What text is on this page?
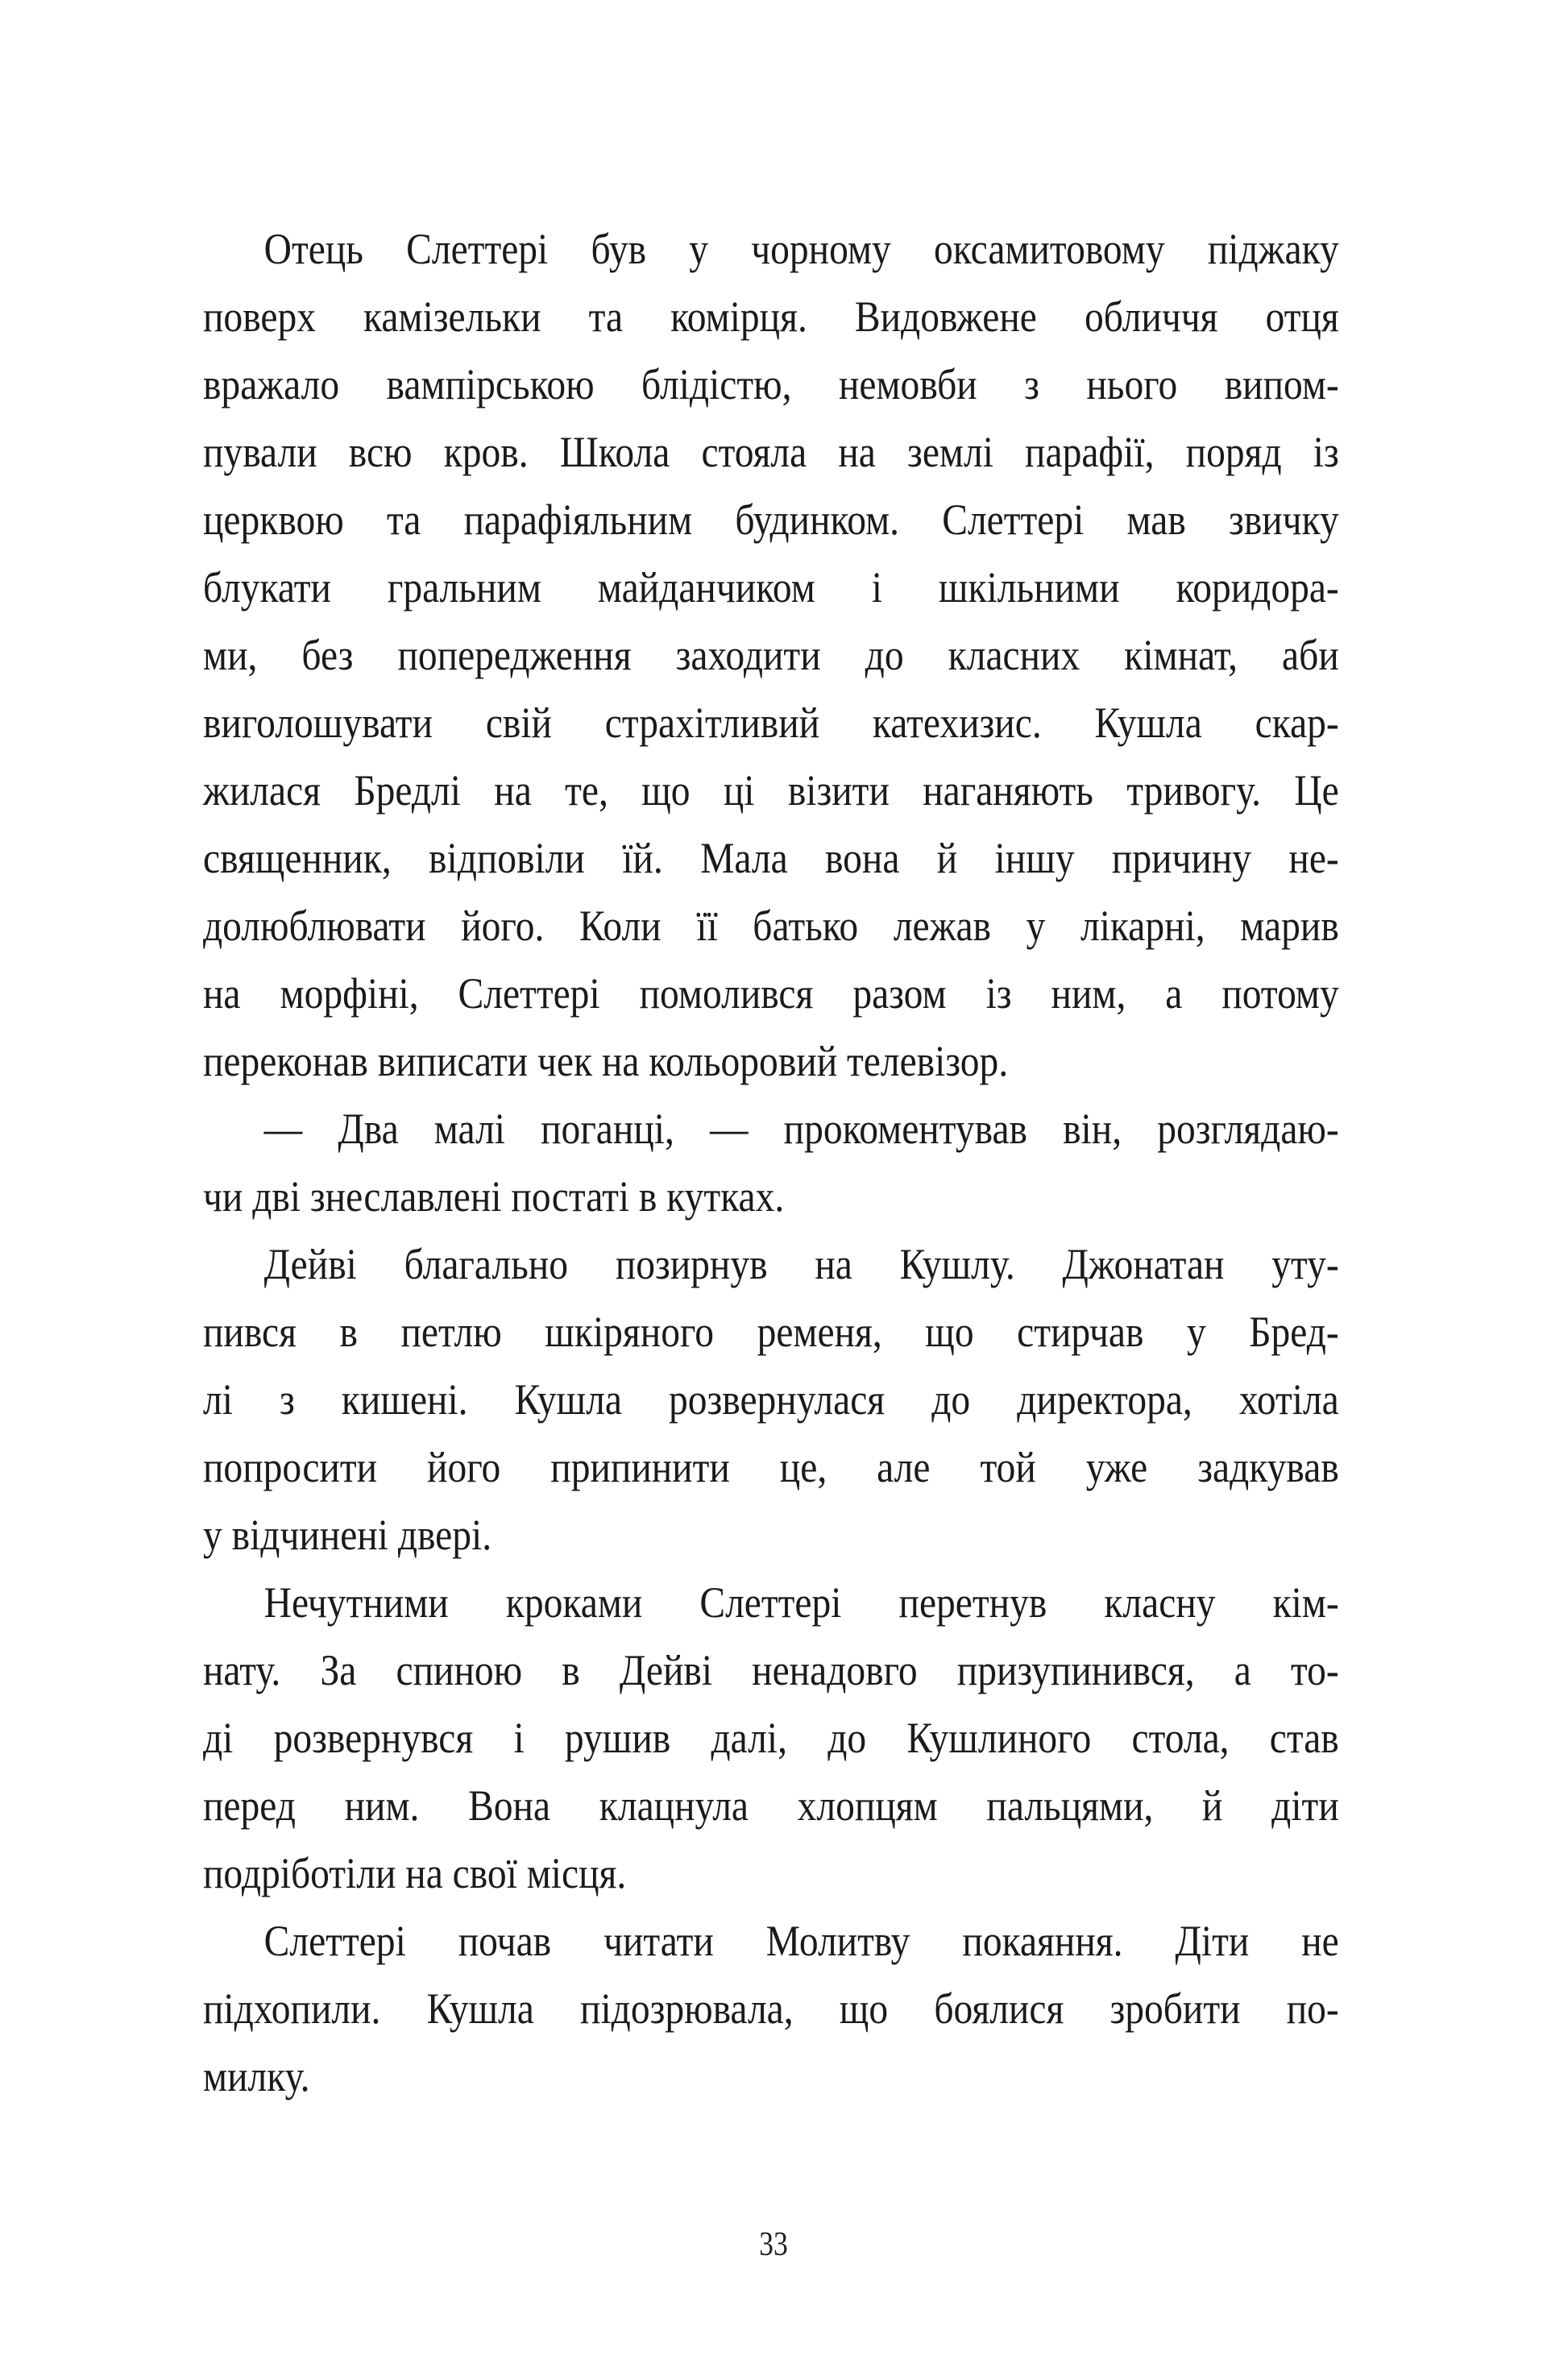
Отець Слеттері був у чорному оксамитовому піджаку
поверх камізельки та комірця. Видовжене обличчя отця
вражало вампірською блідістю, немовби з нього випом-
пували всю кров. Школа стояла на землі парафії, поряд із
церквою та парафіяльним будинком. Слеттері мав звичку
блукати гральним майданчиком і шкільними коридора-
ми, без попередження заходити до класних кімнат, аби
виголошувати свій страхітливий катехизис. Кушла скар-
жилася Бредлі на те, що ці візити наганяють тривогу. Це
священник, відповіли їй. Мала вона й іншу причину не-
долюблювати його. Коли її батько лежав у лікарні, марив
на морфіні, Слеттері помолився разом із ним, а потому
переконав виписати чек на кольоровий телевізор.
— Два малі поганці, — прокоментував він, розглядаю-
чи дві знеславлені постаті в кутках.
Дейві благально позирнув на Кушлу. Джонатан уту-
пився в петлю шкіряного ременя, що стирчав у Бред-
лі з кишені. Кушла розвернулася до директора, хотіла
попросити його припинити це, але той уже задкував
у відчинені двері.
Нечутними кроками Слеттері перетнув класну кім-
нату. За спиною в Дейві ненадовго призупинився, а то-
ді розвернувся і рушив далі, до Кушлиного стола, став
перед ним. Вона клацнула хлопцям пальцями, й діти
подріботіли на свої місця.
Слеттері почав читати Молитву покаяння. Діти не
підхопили. Кушла підозрювала, що боялися зробити по-
милку.
33
